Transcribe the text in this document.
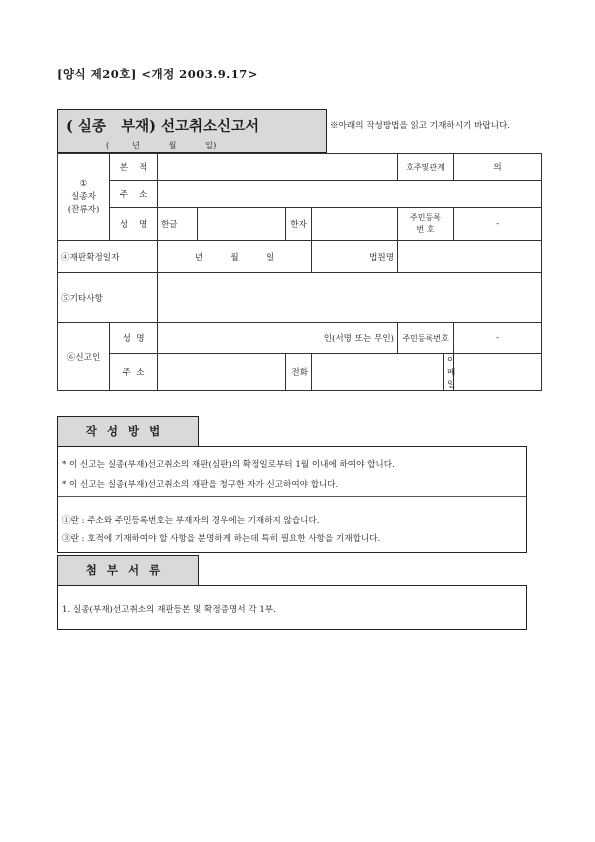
[양식 제20호] <개정 2003.9.17>
( 실종   부재) 선고취소신고서
(        년          월          일)
※아래의 작성방법을 읽고 기재하시기 바랍니다.
①
실종자
(잔류자)	본    적					호주및관계		의
	주    소							
	성    명	한글		한자		주민등록
번 호		-
④재판확정일자		년          월          일			법원명			
⑤기타사항								
⑥신고인	성  명	인(서명 또는 무인)				주민등록번호		-
	주  소			전화			이메일	
작성방법
* 이 신고는 실종(부재)선고취소의 재판(심판)의 확정일로부터 1월 이내에 하여야 합니다.
* 이 신고는 실종(부재)선고취소의 재판을 청구한 자가 신고하여야 합니다.
①란 : 주소와 주민등록번호는 부재자의 경우에는 기재하지 않습니다.
③란 : 호적에 기재하여야 할 사항을 분명하게 하는데 특히 필요한 사항을 기재합니다.
첨부서류
1. 실종(부재)선고취소의 재판등본 및 확정증명서 각 1부.
